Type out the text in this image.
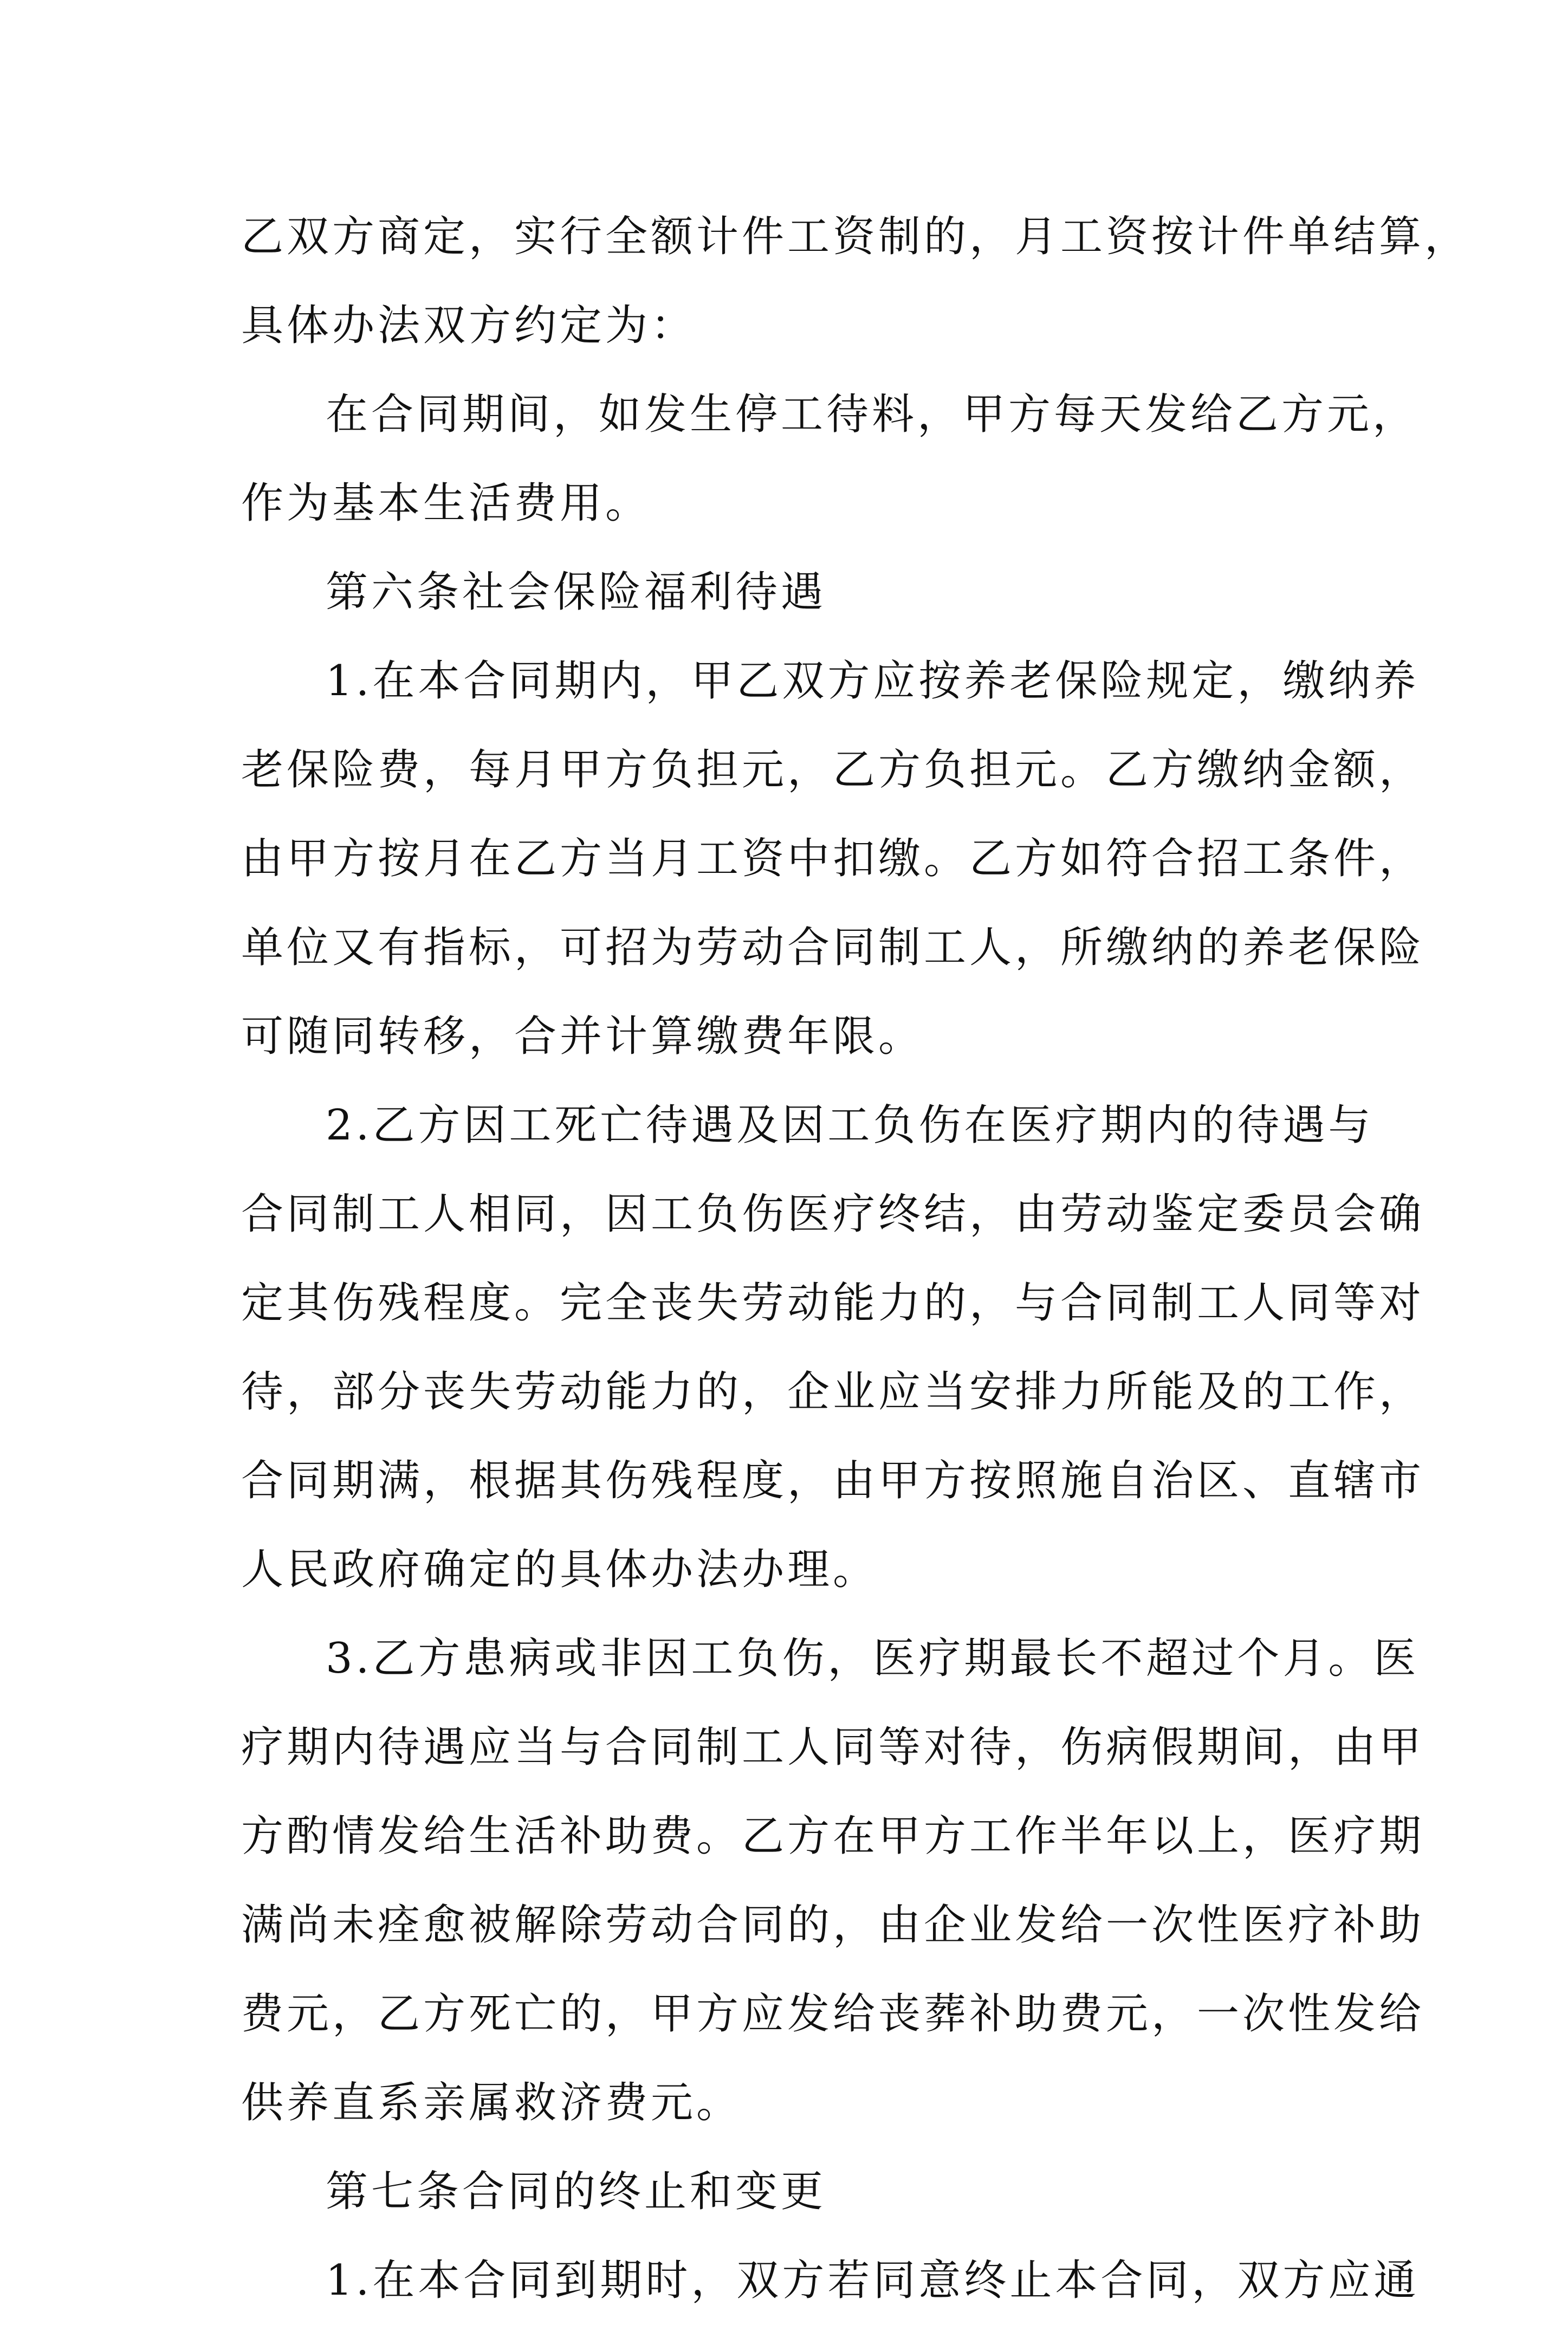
乙双方商定，实行全额计件工资制的，月工资按计件单结算，
具体办法双方约定为：
在合同期间，如发生停工待料，甲方每天发给乙方元，
作为基本生活费用。
第六条社会保险福利待遇
1.在本合同期内，甲乙双方应按养老保险规定，缴纳养
老保险费，每月甲方负担元，乙方负担元。乙方缴纳金额，
由甲方按月在乙方当月工资中扣缴。乙方如符合招工条件，
单位又有指标，可招为劳动合同制工人，所缴纳的养老保险
可随同转移，合并计算缴费年限。
2.乙方因工死亡待遇及因工负伤在医疗期内的待遇与
合同制工人相同，因工负伤医疗终结，由劳动鉴定委员会确
定其伤残程度。完全丧失劳动能力的，与合同制工人同等对
待，部分丧失劳动能力的，企业应当安排力所能及的工作，
合同期满，根据其伤残程度，由甲方按照施自治区、直辖市
人民政府确定的具体办法办理。
3.乙方患病或非因工负伤，医疗期最长不超过个月。医
疗期内待遇应当与合同制工人同等对待，伤病假期间，由甲
方酌情发给生活补助费。乙方在甲方工作半年以上，医疗期
满尚未痊愈被解除劳动合同的，由企业发给一次性医疗补助
费元，乙方死亡的，甲方应发给丧葬补助费元，一次性发给
供养直系亲属救济费元。
第七条合同的终止和变更
1.在本合同到期时，双方若同意终止本合同，双方应通
